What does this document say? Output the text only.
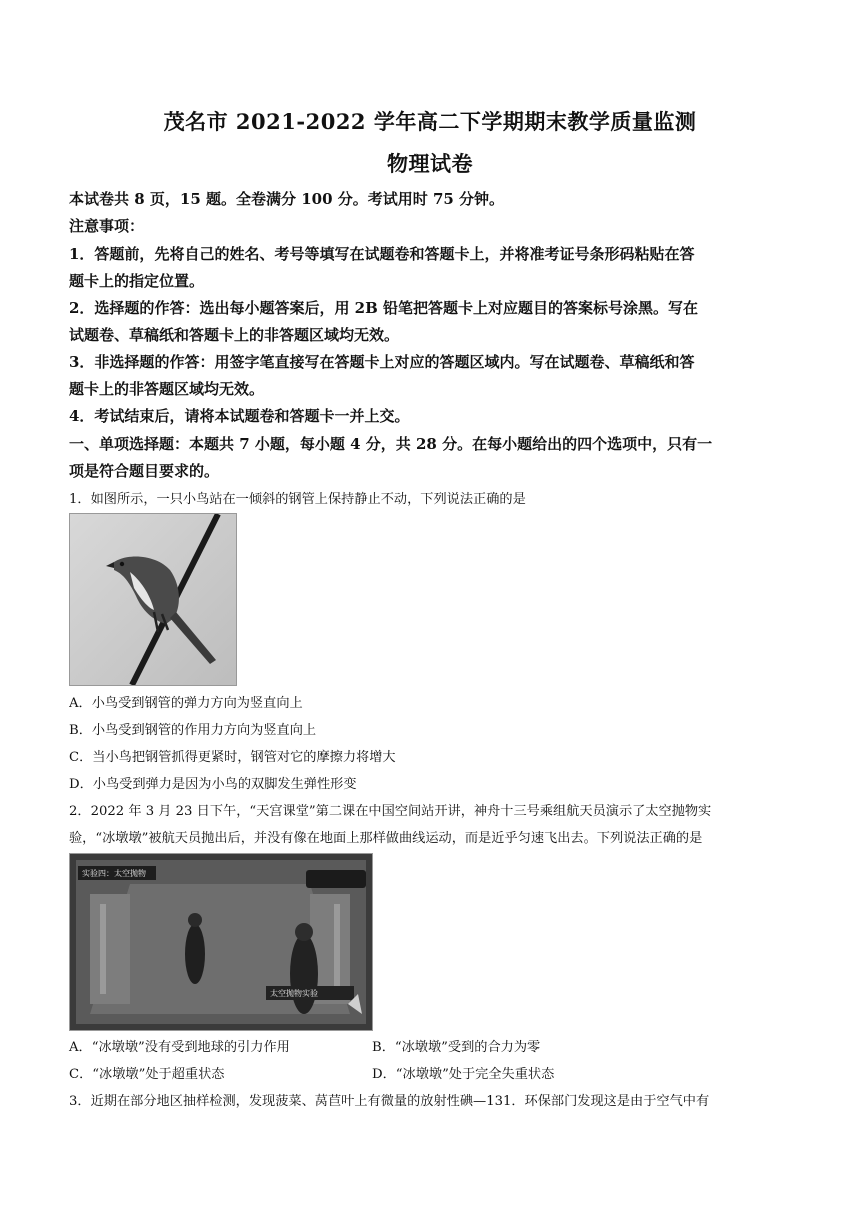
茂名市 2021-2022 学年高二下学期期末教学质量监测
物理试卷
本试卷共 8 页，15 题。全卷满分 100 分。考试用时 75 分钟。
注意事项：
1．答题前，先将自己的姓名、考号等填写在试题卷和答题卡上，并将准考证号条形码粘贴在答
题卡上的指定位置。
2．选择题的作答：选出每小题答案后，用 2B 铅笔把答题卡上对应题目的答案标号涂黑。写在
试题卷、草稿纸和答题卡上的非答题区域均无效。
3．非选择题的作答：用签字笔直接写在答题卡上对应的答题区域内。写在试题卷、草稿纸和答
题卡上的非答题区域均无效。
4．考试结束后，请将本试题卷和答题卡一并上交。
一、单项选择题：本题共 7 小题，每小题 4 分，共 28 分。在每小题给出的四个选项中，只有一
项是符合题目要求的。
1．如图所示，一只小鸟站在一倾斜的钢管上保持静止不动，下列说法正确的是
A．小鸟受到钢管的弹力方向为竖直向上
B．小鸟受到钢管的作用力方向为竖直向上
C．当小鸟把钢管抓得更紧时，钢管对它的摩擦力将增大
D．小鸟受到弹力是因为小鸟的双脚发生弹性形变
2．2022 年 3 月 23 日下午，“天宫课堂”第二课在中国空间站开讲，神舟十三号乘组航天员演示了太空抛物实
验，“冰墩墩”被航天员抛出后，并没有像在地面上那样做曲线运动，而是近乎匀速飞出去。下列说法正确的是
实验四：太空抛物
太空抛物实验
A．“冰墩墩”没有受到地球的引力作用	B．“冰墩墩”受到的合力为零
C．“冰墩墩”处于超重状态	D．“冰墩墩”处于完全失重状态
3．近期在部分地区抽样检测，发现菠菜、莴苣叶上有微量的放射性碘—131．环保部门发现这是由于空气中有
